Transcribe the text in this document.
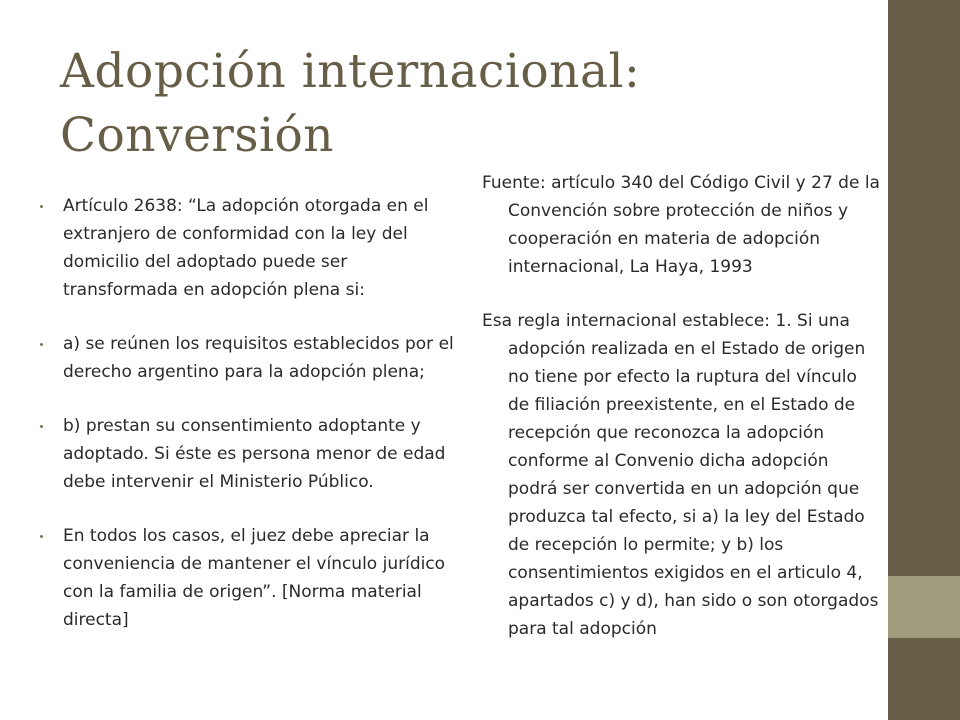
Adopción internacional:
Conversión
Artículo 2638: “La adopción otorgada en el extranjero de conformidad con la ley del domicilio del adoptado puede ser transformada en adopción plena si:
a) se reúnen los requisitos establecidos por el derecho argentino para la adopción plena;
b) prestan su consentimiento adoptante y adoptado. Si éste es persona menor de edad debe intervenir el Ministerio Público.
En todos los casos, el juez debe apreciar la conveniencia de mantener el vínculo jurídico con la familia de origen”. [Norma material directa]

Fuente: artículo 340 del Código Civil y 27 de la Convención sobre protección de niños y cooperación en materia de adopción internacional, La Haya, 1993

Esa regla internacional establece: 1. Si una adopción realizada en el Estado de origen no tiene por efecto la ruptura del vínculo de filiación preexistente, en el Estado de recepción que reconozca la adopción conforme al Convenio dicha adopción podrá ser convertida en un adopción que produzca tal efecto, si a) la ley del Estado de recepción lo permite; y b) los consentimientos exigidos en el articulo 4, apartados c) y d), han sido o son otorgados para tal adopción
